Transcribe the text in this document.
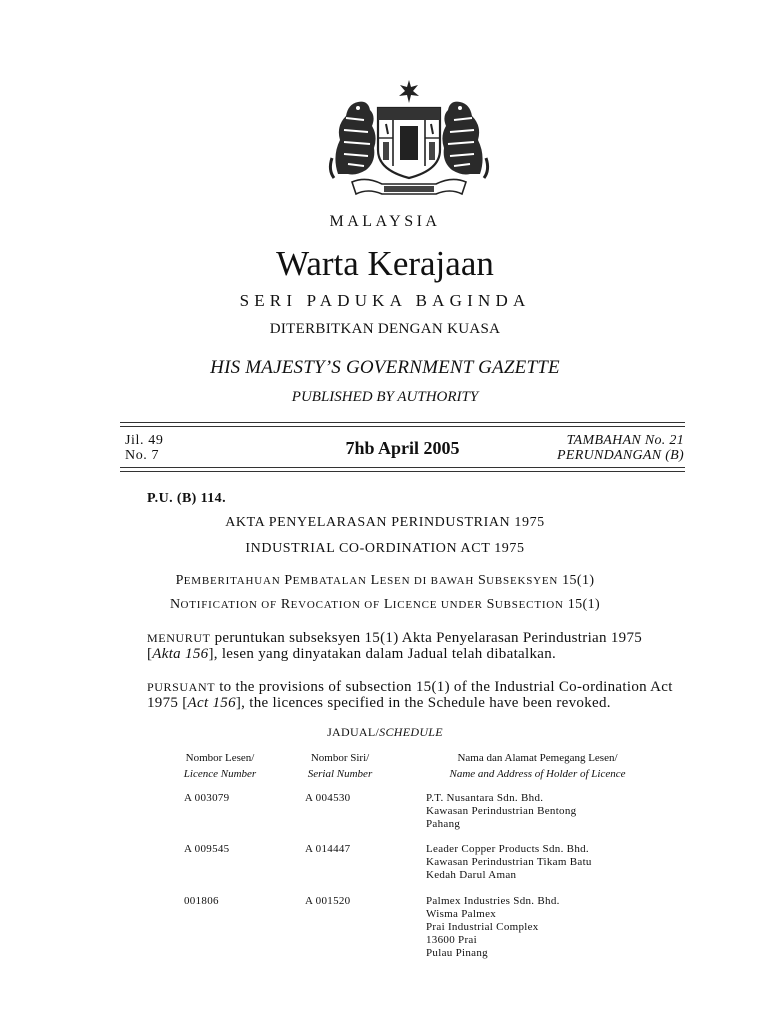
MALAYSIA
Warta Kerajaan
SERI PADUKA BAGINDA
DITERBITKAN DENGAN KUASA
HIS MAJESTY’S GOVERNMENT GAZETTE
PUBLISHED BY AUTHORITY
Jil. 49
No. 7	7hb April 2005	TAMBAHAN No. 21
PERUNDANGAN (B)
P.U. (B) 114.
AKTA PENYELARASAN PERINDUSTRIAN 1975
INDUSTRIAL CO-ORDINATION ACT 1975
PEMBERITAHUAN PEMBATALAN LESEN DI BAWAH SUBSEKSYEN 15(1)
NOTIFICATION OF REVOCATION OF LICENCE UNDER SUBSECTION 15(1)
MENURUT peruntukan subseksyen 15(1) Akta Penyelarasan Perindustrian 1975 [Akta 156], lesen yang dinyatakan dalam Jadual telah dibatalkan.
PURSUANT to the provisions of subsection 15(1) of the Industrial Co-ordination Act 1975 [Act 156], the licences specified in the Schedule have been revoked.
JADUAL/SCHEDULE
Nombor Lesen/
Licence Number
Nombor Siri/
Serial Number
Nama dan Alamat Pemegang Lesen/
Name and Address of Holder of Licence
A 003079	A 004530	P.T. Nusantara Sdn. Bhd.
Kawasan Perindustrian Bentong
Pahang
A 009545	A 014447	Leader Copper Products Sdn. Bhd.
Kawasan Perindustrian Tikam Batu
Kedah Darul Aman
001806	A 001520	Palmex Industries Sdn. Bhd.
Wisma Palmex
Prai Industrial Complex
13600 Prai
Pulau Pinang
